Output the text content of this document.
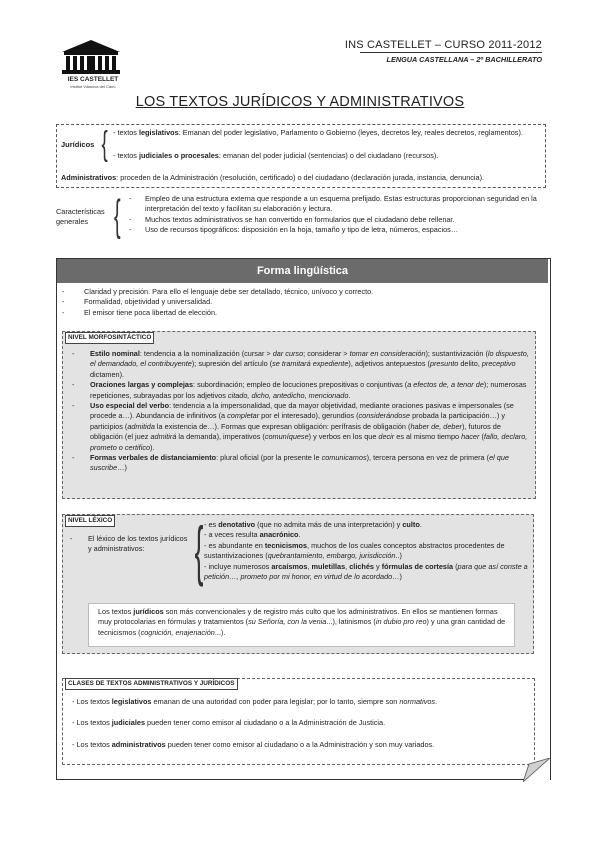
IES CASTELLET
Institut Vilanova del Camí
INS CASTELLET – CURSO 2011-2012
LENGUA CASTELLANA – 2º BACHILLERATO
LOS TEXTOS JURÍDICOS Y ADMINISTRATIVOS
Jurídicos { - textos legislativos: Emanan del poder legislativo, Parlamento o Gobierno (leyes, decretos ley, reales decretos, reglamentos).
- textos judiciales o procesales: emanan del poder judicial (sentencias) o del ciudadano (recursos).
Administrativos: proceden de la Administración (resolución, certificado) o del ciudadano (declaración jurada, instancia, denuncia).
Características generales { - Empleo de una estructura externa que responde a un esquema prefijado. Estas estructuras proporcionan seguridad en la interpretación del texto y facilitan su elaboración y lectura.
- Muchos textos administrativos se han convertido en formularios que el ciudadano debe rellenar.
- Uso de recursos tipográficos: disposición en la hoja, tamaño y tipo de letra, números, espacios…
Forma lingüística
-	Claridad y precisión. Para ello el lenguaje debe ser detallado, técnico, unívoco y correcto.
-	Formalidad, objetividad y universalidad.
-	El emisor tiene poca libertad de elección.
NIVEL MORFOSINTÁCTICO
- Estilo nominal: tendencia a la nominalización (cursar > dar curso; considerar > tomar en consideración); sustantivización (lo dispuesto, el demandado, el contribuyente); supresión del artículo (se tramitará expediente), adjetivos antepuestos (presunto delito, preceptivo dictamen).
- Oraciones largas y complejas: subordinación; empleo de locuciones prepositivas o conjuntivas (a efectos de, a tenor de); numerosas repeticiones, subrayadas por los adjetivos citado, dicho, antedicho, mencionado.
- Uso especial del verbo: tendencia a la impersonalidad, que da mayor objetividad, mediante oraciones pasivas e impersonales (se procede a…). Abundancia de infinitivos (a completar por el interesado), gerundios (considerándose probada la participación…) y participios (admitida la existencia de…). Formas que expresan obligación: perífrasis de obligación (haber de, deber), futuros de obligación (el juez admitirá la demanda), imperativos (comuníquese) y verbos en los que decir es al mismo tiempo hacer (fallo, declaro, prometo o certifico).
- Formas verbales de distanciamiento: plural oficial (por la presente le comunicamos), tercera persona en vez de primera (el que suscribe…)
NIVEL LÉXICO
- El léxico de los textos jurídicos y administrativos: { - es denotativo (que no admita más de una interpretación) y culto.
- a veces resulta anacrónico.
- es abundante en tecnicismos, muchos de los cuales conceptos abstractos procedentes de sustantivizaciones (quebrantamiento, embargo, jurisdicción..)
- incluye numerosos arcaísmos, muletillas, clichés y fórmulas de cortesía (para que así conste a petición…, prometo por mi honor, en virtud de lo acordado…)
Los textos jurídicos son más convencionales y de registro más culto que los administrativos. En ellos se mantienen formas muy protocolarias en fórmulas y tratamientos (su Señoría, con la venia...), latinismos (in dubio pro reo) y una gran cantidad de tecnicismos (cognición, enajenación...).
CLASES DE TEXTOS ADMINISTRATIVOS Y JURÍDICOS
- Los textos legislativos emanan de una autoridad con poder para legislar; por lo tanto, siempre son normativos.
- Los textos judiciales pueden tener como emisor al ciudadano o a la Administración de Justicia.
- Los textos administrativos pueden tener como emisor al ciudadano o a la Administración y son muy variados.
